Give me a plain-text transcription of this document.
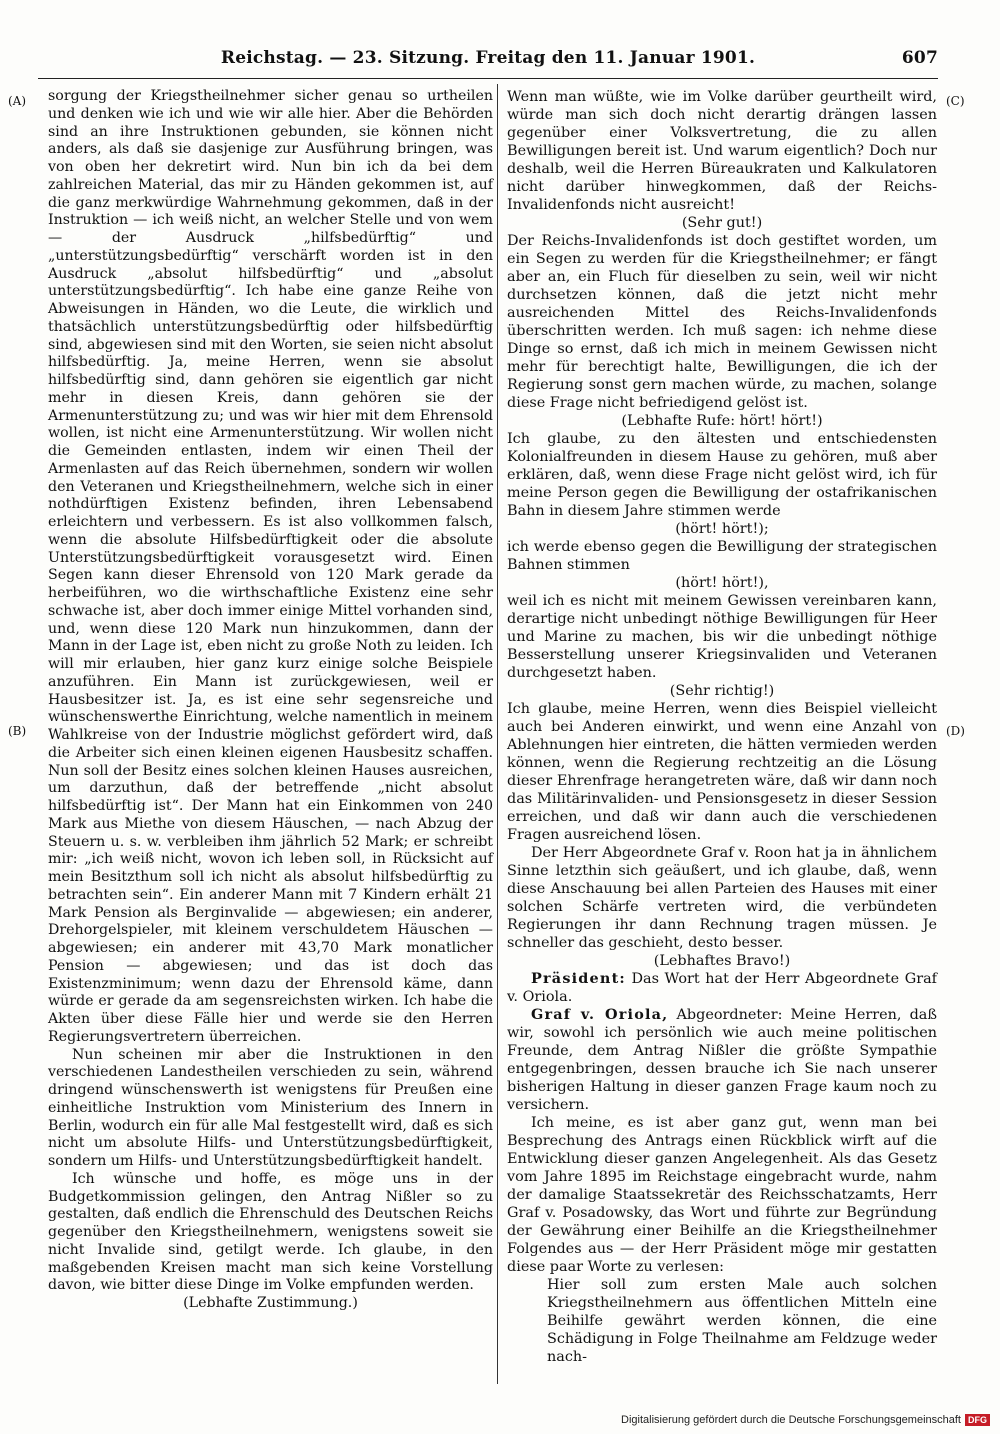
Reichstag. — 23. Sitzung. Freitag den 11. Januar 1901.	607
(A)
(B)
(C)
(D)

sorgung der Kriegstheilnehmer sicher genau so urtheilen und denken wie ich und wie wir alle hier. Aber die Behörden sind an ihre Instruktionen gebunden, sie können nicht anders, als daß sie dasjenige zur Ausführung bringen, was von oben her dekretirt wird. Nun bin ich da bei dem zahlreichen Material, das mir zu Händen gekommen ist, auf die ganz merkwürdige Wahrnehmung gekommen, daß in der Instruktion — ich weiß nicht, an welcher Stelle und von wem — der Ausdruck „hilfsbedürftig“ und „unterstützungsbedürftig“ verschärft worden ist in den Ausdruck „absolut hilfsbedürftig“ und „absolut unterstützungsbedürftig“. Ich habe eine ganze Reihe von Abweisungen in Händen, wo die Leute, die wirklich und thatsächlich unterstützungsbedürftig oder hilfsbedürftig sind, abgewiesen sind mit den Worten, sie seien nicht absolut hilfsbedürftig. Ja, meine Herren, wenn sie absolut hilfsbedürftig sind, dann gehören sie eigentlich gar nicht mehr in diesen Kreis, dann gehören sie der Armenunterstützung zu; und was wir hier mit dem Ehrensold wollen, ist nicht eine Armenunterstützung. Wir wollen nicht die Gemeinden entlasten, indem wir einen Theil der Armenlasten auf das Reich übernehmen, sondern wir wollen den Veteranen und Kriegstheilnehmern, welche sich in einer nothdürftigen Existenz befinden, ihren Lebensabend erleichtern und verbessern. Es ist also vollkommen falsch, wenn die absolute Hilfsbedürftigkeit oder die absolute Unterstützungsbedürftigkeit vorausgesetzt wird. Einen Segen kann dieser Ehrensold von 120 Mark gerade da herbeiführen, wo die wirthschaftliche Existenz eine sehr schwache ist, aber doch immer einige Mittel vorhanden sind, und, wenn diese 120 Mark nun hinzukommen, dann der Mann in der Lage ist, eben nicht zu große Noth zu leiden. Ich will mir erlauben, hier ganz kurz einige solche Beispiele anzuführen. Ein Mann ist zurückgewiesen, weil er Hausbesitzer ist. Ja, es ist eine sehr segensreiche und wünschenswerthe Einrichtung, welche namentlich in meinem Wahlkreise von der Industrie möglichst gefördert wird, daß die Arbeiter sich einen kleinen eigenen Hausbesitz schaffen. Nun soll der Besitz eines solchen kleinen Hauses ausreichen, um darzuthun, daß der betreffende „nicht absolut hilfsbedürftig ist“. Der Mann hat ein Einkommen von 240 Mark aus Miethe von diesem Häuschen, — nach Abzug der Steuern u. s. w. verbleiben ihm jährlich 52 Mark; er schreibt mir: „ich weiß nicht, wovon ich leben soll, in Rücksicht auf mein Besitzthum soll ich nicht als absolut hilfsbedürftig zu betrachten sein“. Ein anderer Mann mit 7 Kindern erhält 21 Mark Pension als Berginvalide — abgewiesen; ein anderer, Drehorgelspieler, mit kleinem verschuldetem Häuschen — abgewiesen; ein anderer mit 43,70 Mark monatlicher Pension — abgewiesen; und das ist doch das Existenzminimum; wenn dazu der Ehrensold käme, dann würde er gerade da am segensreichsten wirken. Ich habe die Akten über diese Fälle hier und werde sie den Herren Regierungsvertretern überreichen.

Nun scheinen mir aber die Instruktionen in den verschiedenen Landestheilen verschieden zu sein, während dringend wünschenswerth ist wenigstens für Preußen eine einheitliche Instruktion vom Ministerium des Innern in Berlin, wodurch ein für alle Mal festgestellt wird, daß es sich nicht um absolute Hilfs- und Unterstützungsbedürftigkeit, sondern um Hilfs- und Unterstützungsbedürftigkeit handelt.

Ich wünsche und hoffe, es möge uns in der Budgetkommission gelingen, den Antrag Nißler so zu gestalten, daß endlich die Ehrenschuld des Deutschen Reichs gegenüber den Kriegstheilnehmern, wenigstens soweit sie nicht Invalide sind, getilgt werde. Ich glaube, in den maßgebenden Kreisen macht man sich keine Vorstellung davon, wie bitter diese Dinge im Volke empfunden werden.

(Lebhafte Zustimmung.)

Wenn man wüßte, wie im Volke darüber geurtheilt wird, würde man sich doch nicht derartig drängen lassen gegenüber einer Volksvertretung, die zu allen Bewilligungen bereit ist. Und warum eigentlich? Doch nur deshalb, weil die Herren Büreaukraten und Kalkulatoren nicht darüber hinwegkommen, daß der Reichs-Invalidenfonds nicht ausreicht!

(Sehr gut!)

Der Reichs-Invalidenfonds ist doch gestiftet worden, um ein Segen zu werden für die Kriegstheilnehmer; er fängt aber an, ein Fluch für dieselben zu sein, weil wir nicht durchsetzen können, daß die jetzt nicht mehr ausreichenden Mittel des Reichs-Invalidenfonds überschritten werden. Ich muß sagen: ich nehme diese Dinge so ernst, daß ich mich in meinem Gewissen nicht mehr für berechtigt halte, Bewilligungen, die ich der Regierung sonst gern machen würde, zu machen, solange diese Frage nicht befriedigend gelöst ist.

(Lebhafte Rufe: hört! hört!)

Ich glaube, zu den ältesten und entschiedensten Kolonialfreunden in diesem Hause zu gehören, muß aber erklären, daß, wenn diese Frage nicht gelöst wird, ich für meine Person gegen die Bewilligung der ostafrikanischen Bahn in diesem Jahre stimmen werde

(hört! hört!);

ich werde ebenso gegen die Bewilligung der strategischen Bahnen stimmen

(hört! hört!),

weil ich es nicht mit meinem Gewissen vereinbaren kann, derartige nicht unbedingt nöthige Bewilligungen für Heer und Marine zu machen, bis wir die unbedingt nöthige Besserstellung unserer Kriegsinvaliden und Veteranen durchgesetzt haben.

(Sehr richtig!)

Ich glaube, meine Herren, wenn dies Beispiel vielleicht auch bei Anderen einwirkt, und wenn eine Anzahl von Ablehnungen hier eintreten, die hätten vermieden werden können, wenn die Regierung rechtzeitig an die Lösung dieser Ehrenfrage herangetreten wäre, daß wir dann noch das Militärinvaliden- und Pensionsgesetz in dieser Session erreichen, und daß wir dann auch die verschiedenen Fragen ausreichend lösen.

Der Herr Abgeordnete Graf v. Roon hat ja in ähnlichem Sinne letzthin sich geäußert, und ich glaube, daß, wenn diese Anschauung bei allen Parteien des Hauses mit einer solchen Schärfe vertreten wird, die verbündeten Regierungen ihr dann Rechnung tragen müssen. Je schneller das geschieht, desto besser.

(Lebhaftes Bravo!)

Präsident: Das Wort hat der Herr Abgeordnete Graf v. Oriola.

Graf v. Oriola, Abgeordneter: Meine Herren, daß wir, sowohl ich persönlich wie auch meine politischen Freunde, dem Antrag Nißler die größte Sympathie entgegenbringen, dessen brauche ich Sie nach unserer bisherigen Haltung in dieser ganzen Frage kaum noch zu versichern.

Ich meine, es ist aber ganz gut, wenn man bei Besprechung des Antrags einen Rückblick wirft auf die Entwicklung dieser ganzen Angelegenheit. Als das Gesetz vom Jahre 1895 im Reichstage eingebracht wurde, nahm der damalige Staatssekretär des Reichsschatzamts, Herr Graf v. Posadowsky, das Wort und führte zur Begründung der Gewährung einer Beihilfe an die Kriegstheilnehmer Folgendes aus — der Herr Präsident möge mir gestatten diese paar Worte zu verlesen:

Hier soll zum ersten Male auch solchen Kriegstheilnehmern aus öffentlichen Mitteln eine Beihilfe gewährt werden können, die eine Schädigung in Folge Theilnahme am Feldzuge weder nach-

Digitalisierung gefördert durch die Deutsche Forschungsgemeinschaft DFG
